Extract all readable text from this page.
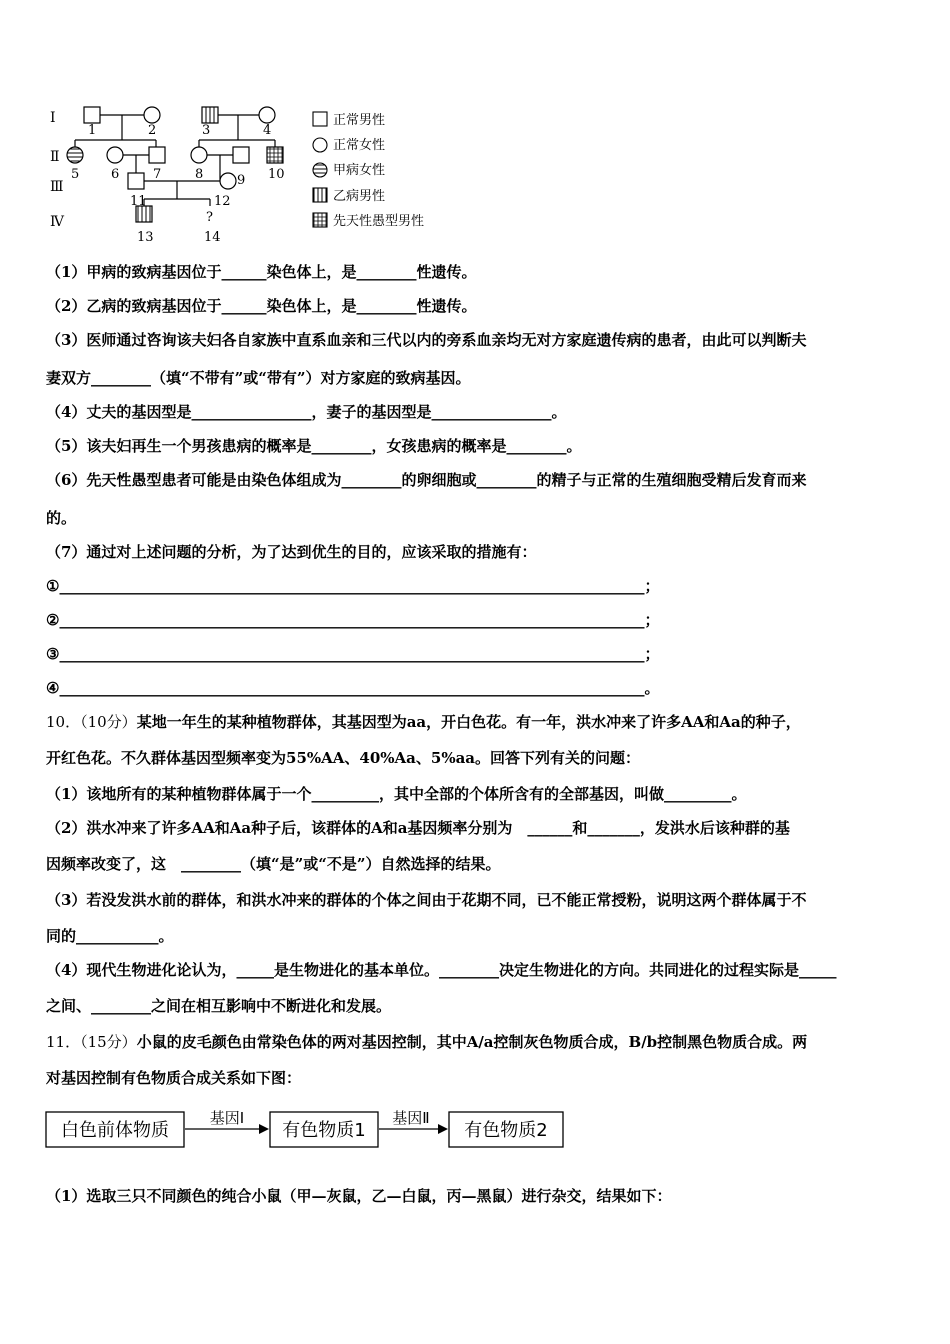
?
Ⅰ
Ⅱ
Ⅲ
Ⅳ
1	2	3	4
5 6	7	8	9 10
11	12
13	14
正常男性
正常女性
甲病女性
乙病男性
先天性愚型男性
（1）甲病的致病基因位于______染色体上，是________性遗传。
（2）乙病的致病基因位于______染色体上，是________性遗传。
（3）医师通过咨询该夫妇各自家族中直系血亲和三代以内的旁系血亲均无对方家庭遗传病的患者，由此可以判断夫
妻双方________（填“不带有”或“带有”）对方家庭的致病基因。
（4）丈夫的基因型是________________，妻子的基因型是________________。
（5）该夫妇再生一个男孩患病的概率是________，女孩患病的概率是________。
（6）先天性愚型患者可能是由染色体组成为________的卵细胞或________的精子与正常的生殖细胞受精后发育而来
的。
（7）通过对上述问题的分析，为了达到优生的目的，应该采取的措施有：
①______________________________________________________________________________；
②______________________________________________________________________________；
③______________________________________________________________________________；
④______________________________________________________________________________。
10．（10分）某地一年生的某种植物群体，其基因型为aa，开白色花。有一年，洪水冲来了许多AA和Aa的种子，
开红色花。不久群体基因型频率变为55%AA、40%Aa、5%aa。回答下列有关的问题：
（1）该地所有的某种植物群体属于一个_________，其中全部的个体所含有的全部基因，叫做_________。
（2）洪水冲来了许多AA和Aa种子后，该群体的A和a基因频率分别为　______和_______，发洪水后该种群的基
因频率改变了，这　________（填“是”或“不是”）自然选择的结果。
（3）若没发洪水前的群体，和洪水冲来的群体的个体之间由于花期不同，已不能正常授粉，说明这两个群体属于不
同的___________。
（4）现代生物进化论认为，_____是生物进化的基本单位。________决定生物进化的方向。共同进化的过程实际是_____
之间、________之间在相互影响中不断进化和发展。
11．（15分）小鼠的皮毛颜色由常染色体的两对基因控制，其中A/a控制灰色物质合成，B/b控制黑色物质合成。两
对基因控制有色物质合成关系如下图：
白色前体物质
基因Ⅰ
有色物质1
基因Ⅱ
有色物质2
（1）选取三只不同颜色的纯合小鼠（甲—灰鼠，乙—白鼠，丙—黑鼠）进行杂交，结果如下：
